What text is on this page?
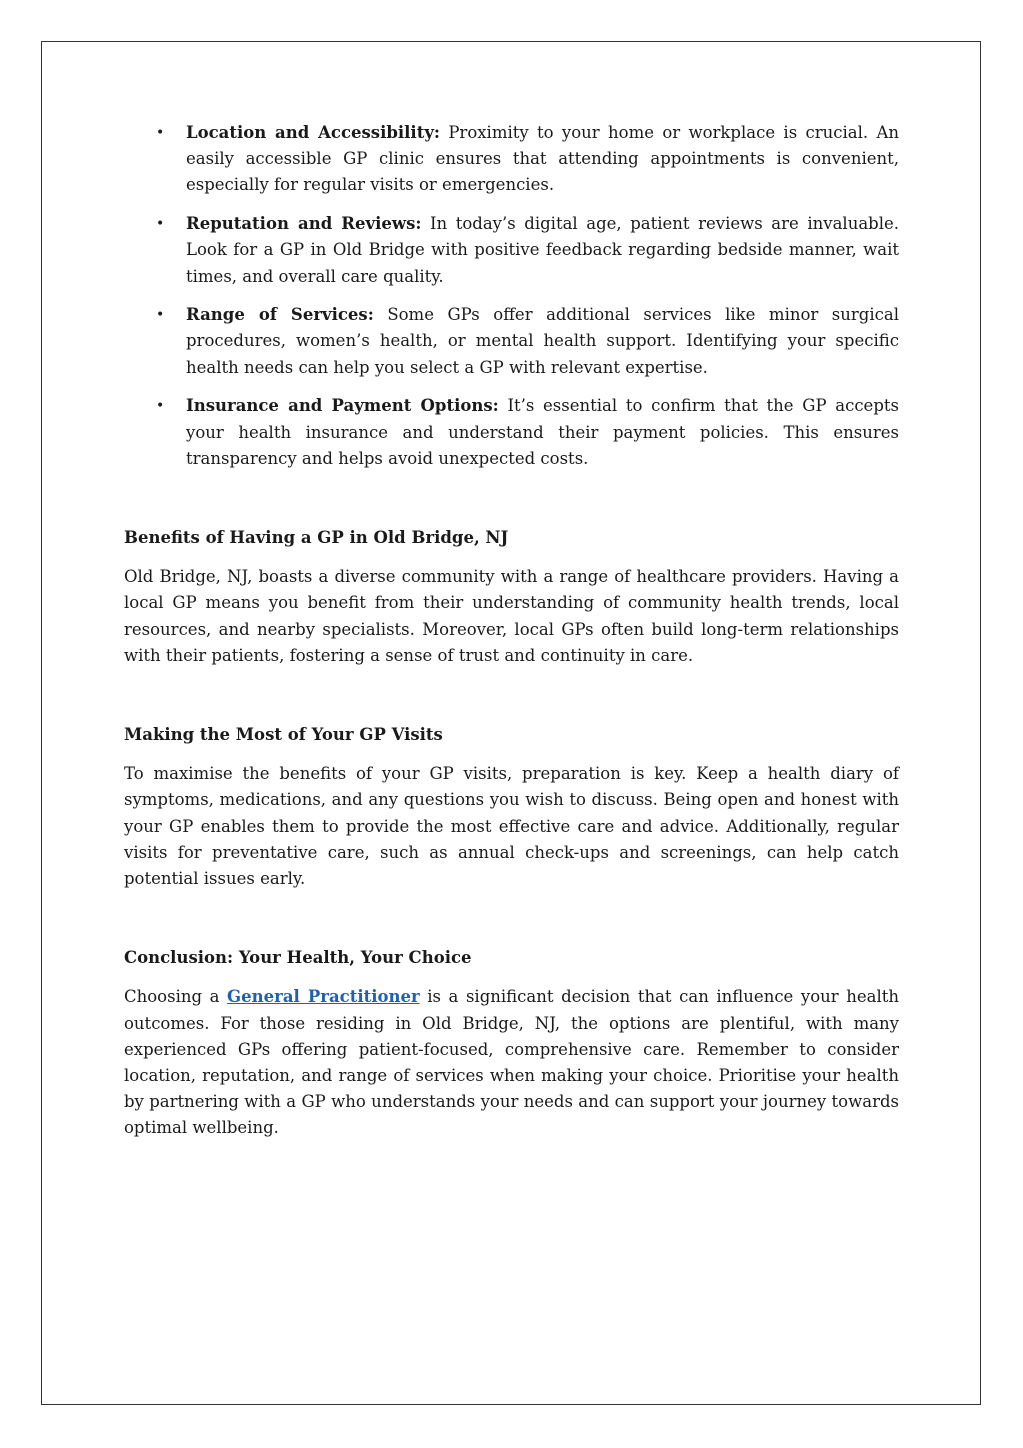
• Location and Accessibility: Proximity to your home or workplace is crucial. An easily accessible GP clinic ensures that attending appointments is convenient, especially for regular visits or emergencies.
• Reputation and Reviews: In today’s digital age, patient reviews are invaluable. Look for a GP in Old Bridge with positive feedback regarding bedside manner, wait times, and overall care quality.
• Range of Services: Some GPs offer additional services like minor surgical procedures, women’s health, or mental health support. Identifying your specific health needs can help you select a GP with relevant expertise.
• Insurance and Payment Options: It’s essential to confirm that the GP accepts your health insurance and understand their payment policies. This ensures transparency and helps avoid unexpected costs.
Benefits of Having a GP in Old Bridge, NJ

Old Bridge, NJ, boasts a diverse community with a range of healthcare providers. Having a local GP means you benefit from their understanding of community health trends, local resources, and nearby specialists. Moreover, local GPs often build long-term relationships with their patients, fostering a sense of trust and continuity in care.

Making the Most of Your GP Visits

To maximise the benefits of your GP visits, preparation is key. Keep a health diary of symptoms, medications, and any questions you wish to discuss. Being open and honest with your GP enables them to provide the most effective care and advice. Additionally, regular visits for preventative care, such as annual check-ups and screenings, can help catch potential issues early.

Conclusion: Your Health, Your Choice

Choosing a General Practitioner is a significant decision that can influence your health outcomes. For those residing in Old Bridge, NJ, the options are plentiful, with many experienced GPs offering patient-focused, comprehensive care. Remember to consider location, reputation, and range of services when making your choice. Prioritise your health by partnering with a GP who understands your needs and can support your journey towards optimal wellbeing.
